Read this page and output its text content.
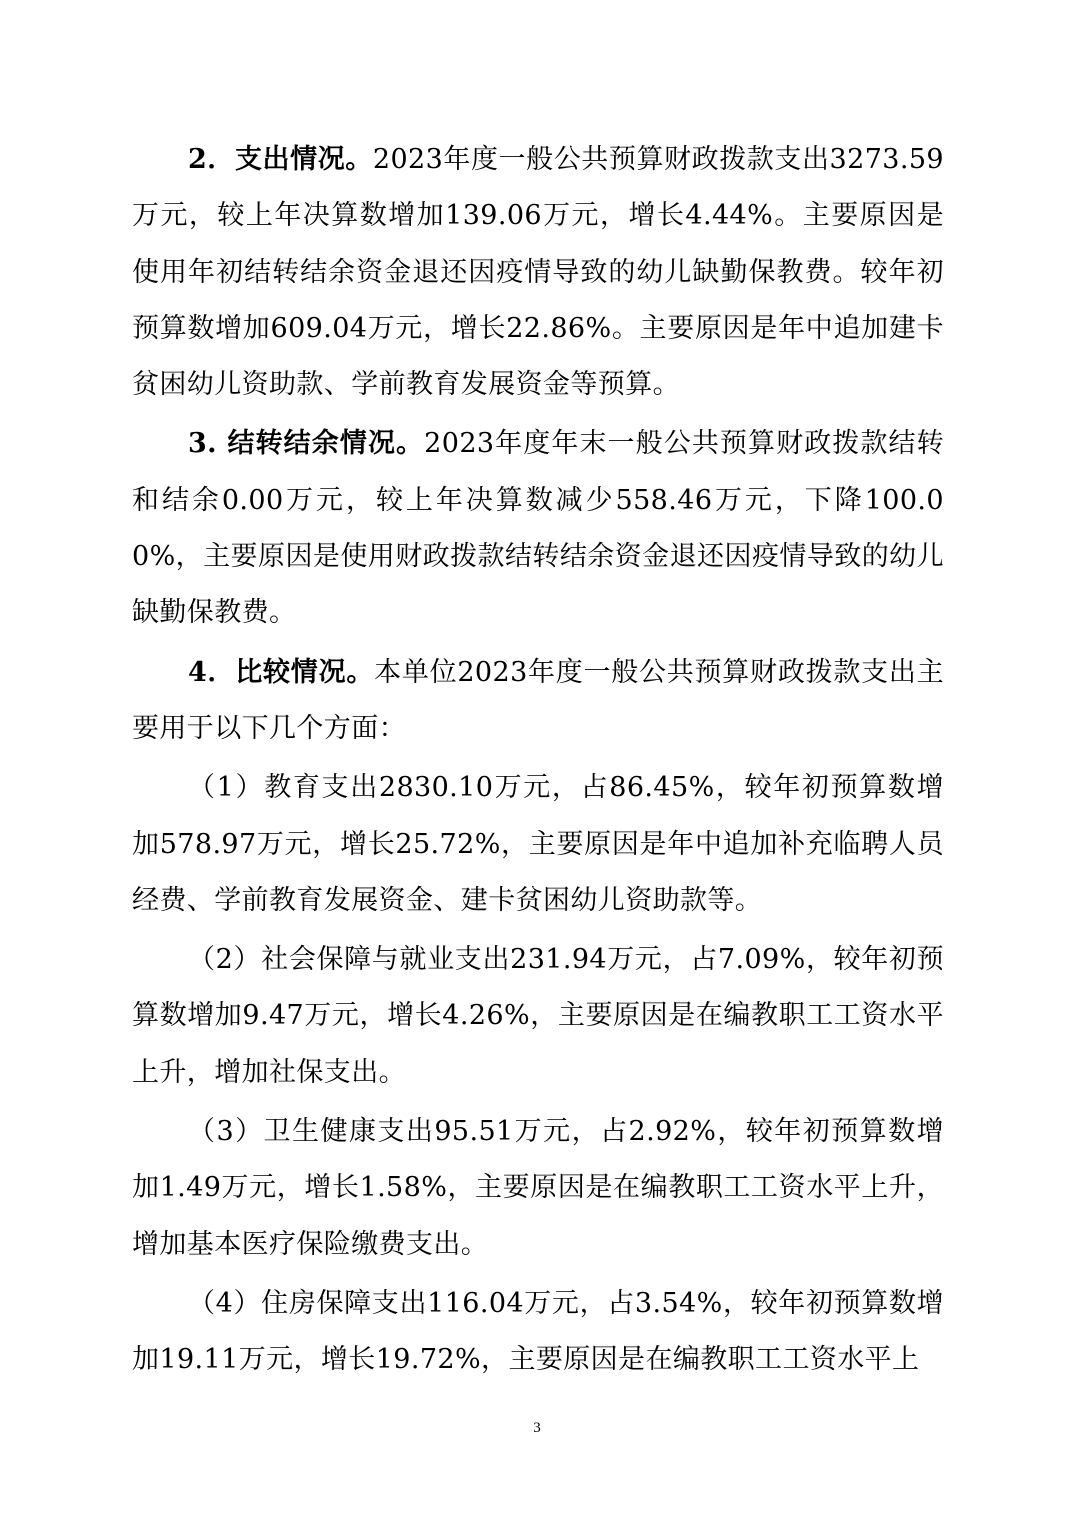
2．支出情况。2023年度一般公共预算财政拨款支出3273.59万元，较上年决算数增加139.06万元，增长4.44%。主要原因是使用年初结转结余资金退还因疫情导致的幼儿缺勤保教费。较年初预算数增加609.04万元，增长22.86%。主要原因是年中追加建卡贫困幼儿资助款、学前教育发展资金等预算。

3. 结转结余情况。2023年度年末一般公共预算财政拨款结转和结余0.00万元，较上年决算数减少558.46万元，下降100.00%，主要原因是使用财政拨款结转结余资金退还因疫情导致的幼儿缺勤保教费。

4．比较情况。本单位2023年度一般公共预算财政拨款支出主要用于以下几个方面：

（1）教育支出2830.10万元，占86.45%，较年初预算数增加578.97万元，增长25.72%，主要原因是年中追加补充临聘人员经费、学前教育发展资金、建卡贫困幼儿资助款等。

（2）社会保障与就业支出231.94万元，占7.09%，较年初预算数增加9.47万元，增长4.26%，主要原因是在编教职工工资水平上升，增加社保支出。

（3）卫生健康支出95.51万元，占2.92%，较年初预算数增加1.49万元，增长1.58%，主要原因是在编教职工工资水平上升，增加基本医疗保险缴费支出。

（4）住房保障支出116.04万元，占3.54%，较年初预算数增加19.11万元，增长19.72%，主要原因是在编教职工工资水平上

3
